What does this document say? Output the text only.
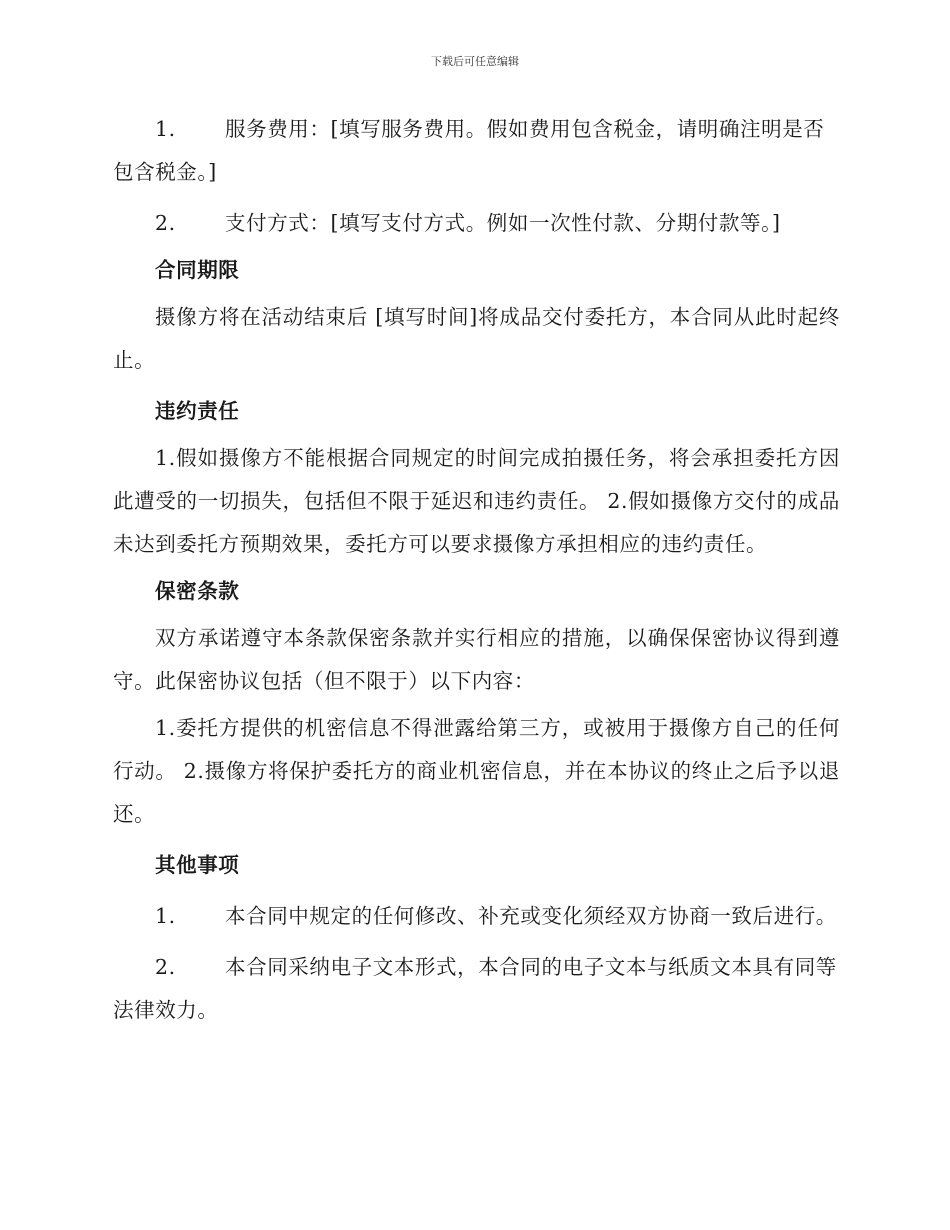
下载后可任意编辑

1. 服务费用：[填写服务费用。假如费用包含税金，请明确注明是否包含税金。]

2. 支付方式：[填写支付方式。例如一次性付款、分期付款等。]

合同期限

摄像方将在活动结束后 [填写时间]将成品交付委托方，本合同从此时起终止。

违约责任

1.假如摄像方不能根据合同规定的时间完成拍摄任务，将会承担委托方因此遭受的一切损失，包括但不限于延迟和违约责任。 2.假如摄像方交付的成品未达到委托方预期效果，委托方可以要求摄像方承担相应的违约责任。

保密条款

双方承诺遵守本条款保密条款并实行相应的措施，以确保保密协议得到遵守。此保密协议包括（但不限于）以下内容：

1.委托方提供的机密信息不得泄露给第三方，或被用于摄像方自己的任何行动。 2.摄像方将保护委托方的商业机密信息，并在本协议的终止之后予以退还。

其他事项

1. 本合同中规定的任何修改、补充或变化须经双方协商一致后进行。

2. 本合同采纳电子文本形式，本合同的电子文本与纸质文本具有同等法律效力。
